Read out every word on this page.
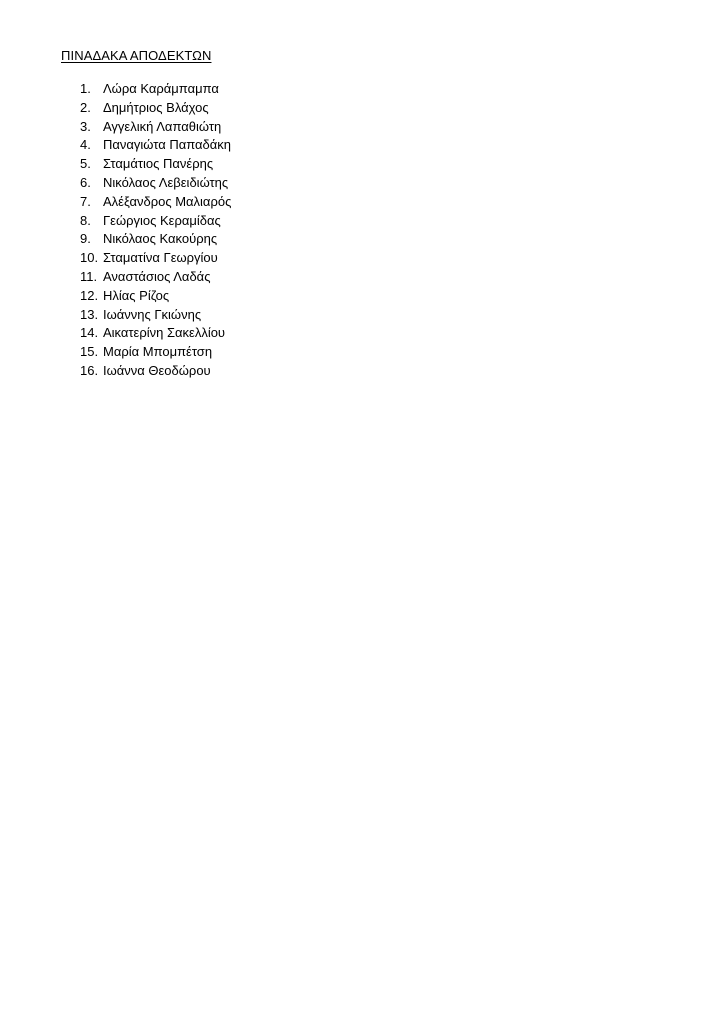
ΠΙΝΑΔΑΚΑ ΑΠΟΔΕΚΤΩΝ
1. Λώρα Καράμπαμπα
2. Δημήτριος Βλάχος
3. Αγγελική Λαπαθιώτη
4. Παναγιώτα Παπαδάκη
5. Σταμάτιος Πανέρης
6. Νικόλαος Λεβειδιώτης
7. Αλέξανδρος Μαλιαρός
8. Γεώργιος Κεραμίδας
9. Νικόλαος Κακούρης
10. Σταματίνα Γεωργίου
11. Αναστάσιος Λαδάς
12. Ηλίας Ρίζος
13. Ιωάννης Γκιώνης
14. Αικατερίνη Σακελλίου
15. Μαρία Μπομπέτση
16. Ιωάννα Θεοδώρου
